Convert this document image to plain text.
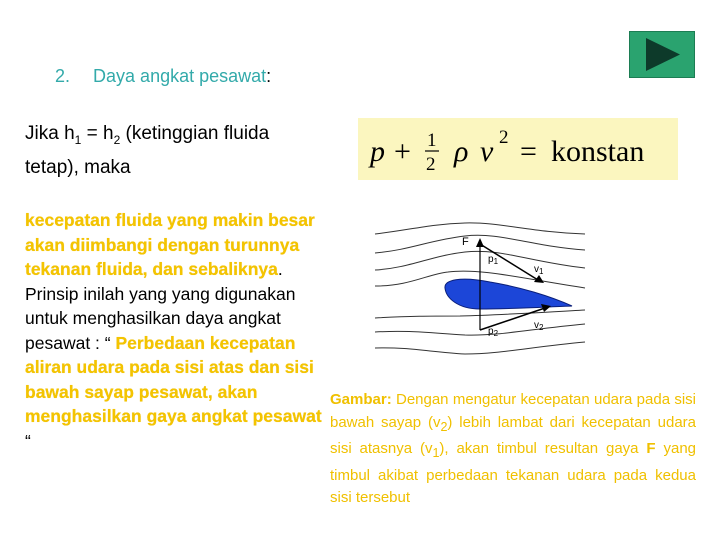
2. Daya angkat pesawat:
Jika $h_1 = h_2$ (ketinggian fluida tetap), maka
kecepatan fluida yang makin besar akan diimbangi dengan turunnya tekanan fluida, dan sebaliknya. Prinsip inilah yang yang digunakan untuk menghasilkan daya angkat pesawat : “ Perbedaan kecepatan aliran udara pada sisi atas dan sisi bawah sayap pesawat, akan menghasilkan gaya angkat pesawat “
p + 1
2 ρ v 2 = konstan
F
$p_1$
$v_1$
$p_2$
$v_2$
Gambar: Dengan mengatur kecepatan udara pada sisi bawah sayap $(v_2)$ lebih lambat dari kecepatan udara sisi atasnya $(v_1)$, akan timbul resultan gaya F yang timbul akibat perbedaan tekanan udara pada kedua sisi tersebut
